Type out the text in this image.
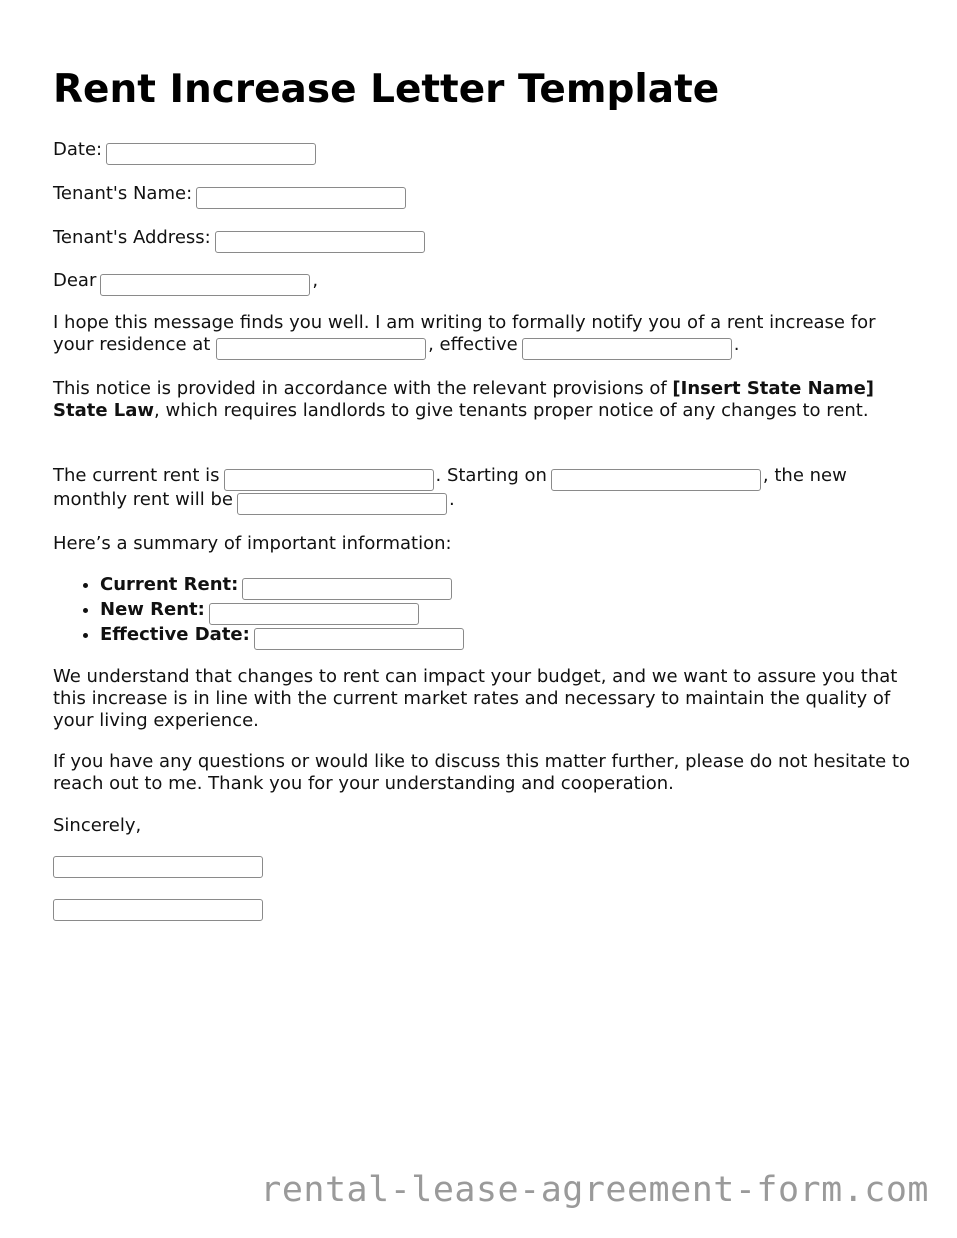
Rent Increase Letter Template
Date:
Tenant's Name:
Tenant's Address:
Dear	,
I hope this message finds you well. I am writing to formally notify you of a rent increase for your residence at	, effective	.
This notice is provided in accordance with the relevant provisions of [Insert State Name] State Law, which requires landlords to give tenants proper notice of any changes to rent.
The current rent is	. Starting on	, the new
monthly rent will be	.
Here’s a summary of important information:
• Current Rent:
• New Rent:
• Effective Date:
We understand that changes to rent can impact your budget, and we want to assure you that this increase is in line with the current market rates and necessary to maintain the quality of your living experience.
If you have any questions or would like to discuss this matter further, please do not hesitate to reach out to me. Thank you for your understanding and cooperation.
Sincerely,
rental-lease-agreement-form.com
